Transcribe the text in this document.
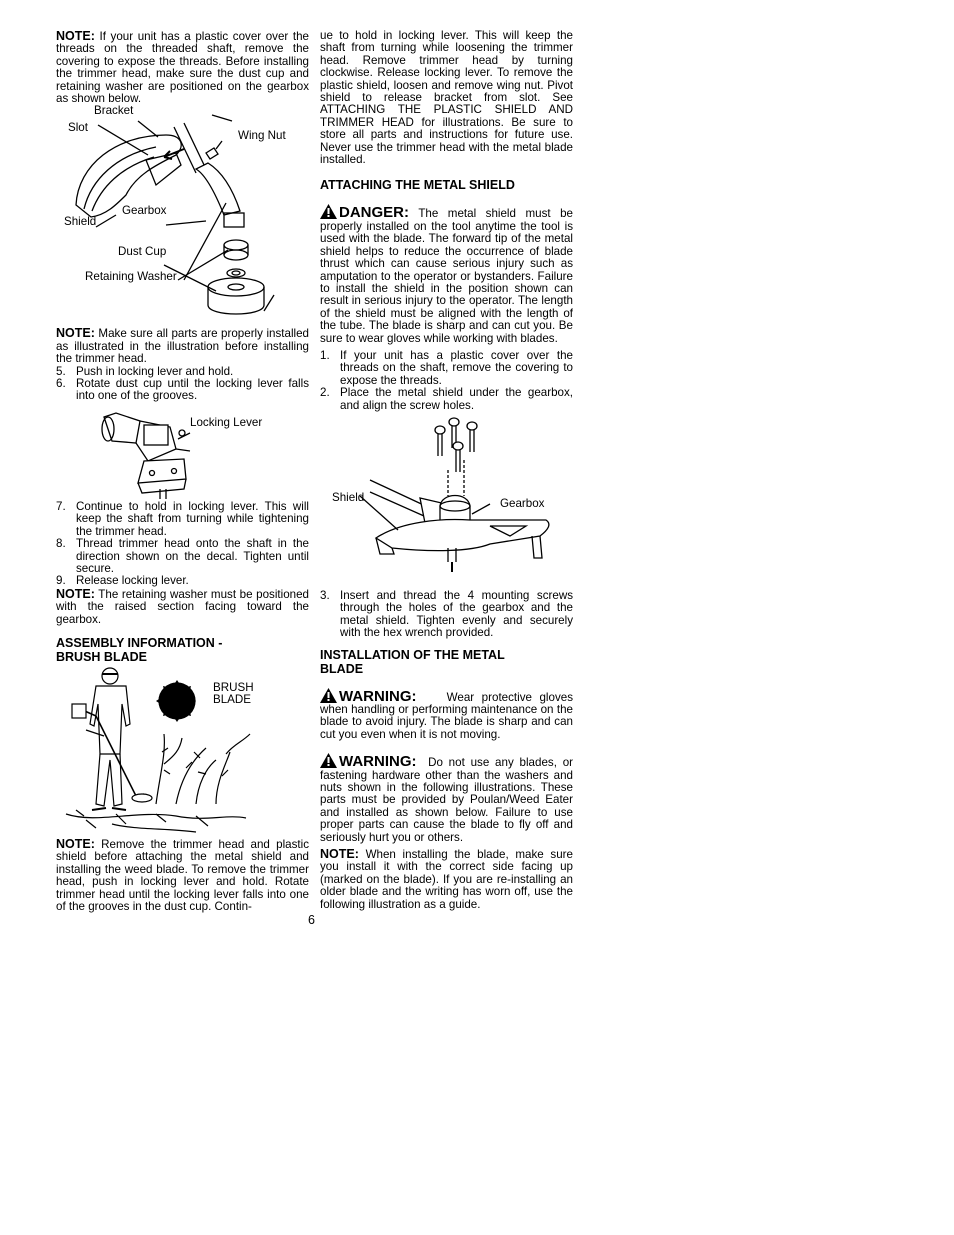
NOTE: If your unit has a plastic cover over the threads on the threaded shaft, remove the covering to expose the threads. Before installing the trimmer head, make sure the dust cup and retaining washer are positioned on the gearbox as shown below.

Bracket
Slot
Wing Nut
Gearbox
Shield
Dust Cup
Retaining Washer

NOTE: Make sure all parts are properly installed as illustrated in the illustration before installing the trimmer head.

5. Push in locking lever and hold.
6. Rotate dust cup until the locking lever falls into one of the grooves.
Locking Lever
7. Continue to hold in locking lever. This will keep the shaft from turning while tightening the trimmer head.
8. Thread trimmer head onto the shaft in the direction shown on the decal. Tighten until secure.
9. Release locking lever.

NOTE: The retaining washer must be positioned with the raised section facing toward the gearbox.

ASSEMBLY INFORMATION -
BRUSH BLADE
BRUSH
BLADE

NOTE: Remove the trimmer head and plastic shield before attaching the metal shield and installing the weed blade. To remove the trimmer head, push in locking lever and hold. Rotate trimmer head until the locking lever falls into one of the grooves in the dust cup. Contin-

ue to hold in locking lever. This will keep the shaft from turning while loosening the trimmer head. Remove trimmer head by turning clockwise. Release locking lever. To remove the plastic shield, loosen and remove wing nut. Pivot shield to release bracket from slot. See ATTACHING THE PLASTIC SHIELD AND TRIMMER HEAD for illustrations. Be sure to store all parts and instructions for future use. Never use the trimmer head with the metal blade installed.

ATTACHING THE METAL SHIELD

DANGER: The metal shield must be properly installed on the tool anytime the tool is used with the blade. The forward tip of the metal shield helps to reduce the occurrence of blade thrust which can cause serious injury such as amputation to the operator or bystanders. Failure to install the shield in the position shown can result in serious injury to the operator. The length of the shield must be aligned with the length of the tube. The blade is sharp and can cut you. Be sure to wear gloves while working with blades.

1. If your unit has a plastic cover over the threads on the shaft, remove the covering to expose the threads.
2. Place the metal shield under the gearbox, and align the screw holes.
Shield	Gearbox
3. Insert and thread the 4 mounting screws through the holes of the gearbox and the metal shield. Tighten evenly and securely with the hex wrench provided.
INSTALLATION OF THE METAL
BLADE

WARNING:	Wear protective gloves when handling or performing maintenance on the blade to avoid injury. The blade is sharp and can cut you even when it is not moving.

WARNING: Do not use any blades, or fastening hardware other than the washers and nuts shown in the following illustrations. These parts must be provided by Poulan/Weed Eater and installed as shown below. Failure to use proper parts can cause the blade to fly off and seriously hurt you or others.

NOTE: When installing the blade, make sure you install it with the correct side facing up (marked on the blade). If you are re-installing an older blade and the writing has worn off, use the following illustration as a guide.

6
